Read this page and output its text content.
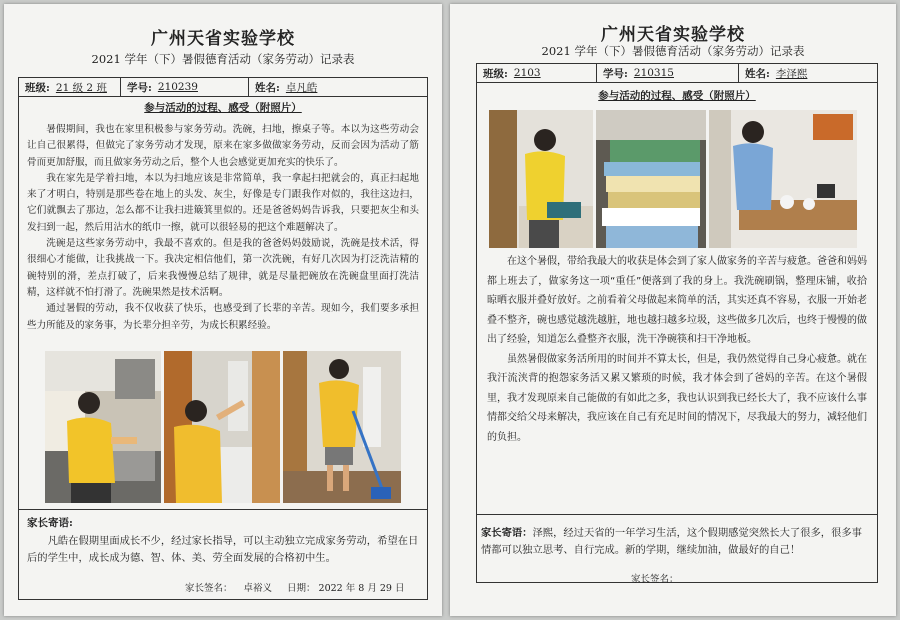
广州天省实验学校
2021 学年（下）暑假德育活动（家务劳动）记录表
班级: 21 级 2 班 学号: 210239	姓名: 卓凡皓
参与活动的过程、感受（附照片）

暑假期间，我也在家里积极参与家务劳动。洗碗，扫地，擦桌子等。本以为这些劳动会让自己很累得，但做完了家务劳动才发现，原来在家多做做家务劳动，反而会因为活动了筋骨而更加舒服，而且做家务劳动之后，整个人也会感觉更加充实的快乐了。

我在家先是学着扫地，本以为扫地应该是非常简单，我一拿起扫把就会的，真正扫起地来了才明白，特别是那些卷在地上的头发、灰尘，好像是专门跟我作对似的，我往这边扫，它们就飘去了那边，怎么都不让我扫进簸箕里似的。还是爸爸妈妈告诉我，只要把灰尘和头发扫到一起，然后用沾水的纸巾一擦，就可以很轻易的把这个难题解决了。

洗碗是这些家务劳动中，我最不喜欢的。但是我的爸爸妈妈鼓励说，洗碗是技术活，得很细心才能做，让我挑战一下。我决定相信他们，第一次洗碗，有好几次因为打泛洗洁精的碗特别的滑，差点打破了，后来我慢慢总结了规律，就是尽量把碗放在洗碗盘里面打洗洁精，这样就不怕打滑了。洗碗果然是技术活啊。

通过暑假的劳动，我不仅收获了快乐，也感受到了长辈的辛苦。现如今，我们要多承担些力所能及的家务事，为长辈分担辛劳，为成长积累经验。

家长寄语:
凡皓在假期里面成长不少，经过家长指导，可以主动独立完成家务劳动，希望在日后的学生中，成长成为德、智、体、美、劳全面发展的合格初中生。
家长签名： 卓裕义 日期： 2022 年 8 月 29 日
广州天省实验学校
2021 学年（下）暑假德育活动（家务劳动）记录表
班级: 2103	学号: 210315	姓名: 李泽熙
参与活动的过程、感受（附照片）

在这个暑假，带给我最大的收获是体会到了家人做家务的辛苦与疲惫。爸爸和妈妈都上班去了，做家务这一项“重任”便落到了我的身上。我洗碗刷锅，整理床铺，收拾晾晒衣服并叠好放好。之前看着父母做起来简单的活，其实还真不容易，衣服一开始老叠不整齐，碗也感觉越洗越脏，地也越扫越多垃圾，这些做多几次后，也终于慢慢的做出了经验，知道怎么叠整齐衣服，洗干净碗筷和扫干净地板。

虽然暑假做家务活所用的时间并不算太长，但是，我仍然觉得自己身心疲惫。就在我汗流浃背的抱怨家务活又累又繁琐的时候，我才体会到了爸妈的辛苦。在这个暑假里，我才发现原来自己能做的有如此之多，我也认识到我已经长大了，我不应该什么事情都交给父母来解决，我应该在自己有充足时间的情况下，尽我最大的努力，减轻他们的负担。

家长寄语：泽熙，经过天省的一年学习生活，这个假期感觉突然长大了很多，很多事情都可以独立思考、自行完成。新的学期，继续加油，做最好的自己！
家长签名：
